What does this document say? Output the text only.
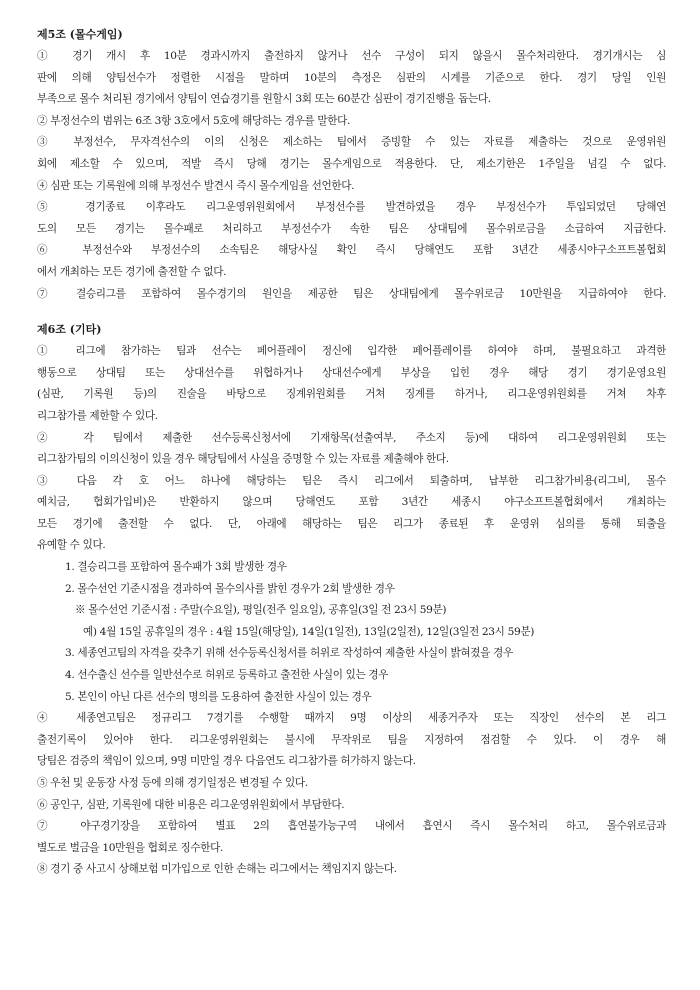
제5조 (몰수게임)
① 경기 개시 후 10분 경과시까지 출전하지 않거나 선수 구성이 되지 않을시 몰수처리한다. 경기개시는 심
판에 의해 양팀선수가 정렬한 시점을 말하며 10분의 측정은 심판의 시계를 기준으로 한다. 경기 당일 인원
부족으로 몰수 처리된 경기에서 양팀이 연습경기를 원할시 3회 또는 60분간 심판이 경기진행을 돕는다.
② 부정선수의 범위는 6조 3항 3호에서 5호에 해당하는 경우를 말한다.
③ 부정선수, 무자격선수의 이의 신청은 제소하는 팀에서 증빙할 수 있는 자료를 제출하는 것으로 운영위원
회에 제소할 수 있으며, 적발 즉시 당해 경기는 몰수게임으로 적용한다. 단, 제소기한은 1주일을 넘길 수 없다.
④ 심판 또는 기록원에 의해 부정선수 발견시 즉시 몰수게임을 선언한다.
⑤ 경기종료 이후라도 리그운영위원회에서 부정선수를 발견하였을 경우 부정선수가 투입되었던 당해연
도의 모든 경기는 몰수패로 처리하고 부정선수가 속한 팀은 상대팀에 몰수위로금을 소급하여 지급한다.
⑥ 부정선수와 부정선수의 소속팀은 해당사실 확인 즉시 당해연도 포함 3년간 세종시야구소프트볼협회
에서 개최하는 모든 경기에 출전할 수 없다.
⑦ 결승리그를 포함하여 몰수경기의 원인을 제공한 팀은 상대팀에게 몰수위로금 10만원을 지급하여야 한다.
제6조 (기타)
① 리그에 참가하는 팀과 선수는 페어플레이 정신에 입각한 페어플레이를 하여야 하며, 불필요하고 과격한
행동으로 상대팀 또는 상대선수를 위협하거나 상대선수에게 부상을 입힌 경우 해당 경기 경기운영요원
(심판, 기록원 등)의 진술을 바탕으로 징계위원회를 거쳐 징계를 하거나, 리그운영위원회를 거쳐 차후
리그참가를 제한할 수 있다.
② 각 팀에서 제출한 선수등록신청서에 기재항목(선출여부, 주소지 등)에 대하여 리그운영위원회 또는
리그참가팀의 이의신청이 있을 경우 해당팀에서 사실을 증명할 수 있는 자료를 제출해야 한다.
③ 다음 각 호 어느 하나에 해당하는 팀은 즉시 리그에서 퇴출하며, 납부한 리그참가비용(리그비, 몰수
예치금, 협회가입비)은 반환하지 않으며 당해연도 포함 3년간 세종시 야구소프트볼협회에서 개최하는
모든 경기에 출전할 수 없다. 단, 아래에 해당하는 팀은 리그가 종료된 후 운영위 심의를 통해 퇴출을
유예할 수 있다.
1. 결승리그를 포함하여 몰수패가 3회 발생한 경우
2. 몰수선언 기준시점을 경과하여 몰수의사를 밝힌 경우가 2회 발생한 경우
※ 몰수선언 기준시점 : 주말(수요일), 평일(전주 일요일), 공휴일(3일 전 23시 59분)
예) 4월 15일 공휴일의 경우 : 4월 15일(해당일), 14일(1일전), 13일(2일전), 12일(3일전 23시 59분)
3. 세종연고팀의 자격을 갖추기 위해 선수등록신청서를 허위로 작성하여 제출한 사실이 밝혀졌을 경우
4. 선수출신 선수를 일반선수로 허위로 등록하고 출전한 사실이 있는 경우
5. 본인이 아닌 다른 선수의 명의를 도용하여 출전한 사실이 있는 경우
④ 세종연고팀은 정규리그 7경기를 수행할 때까지 9명 이상의 세종거주자 또는 직장인 선수의 본 리그
출전기록이 있어야 한다. 리그운영위원회는 불시에 무작위로 팀을 지정하여 점검할 수 있다. 이 경우 해
당팀은 검증의 책임이 있으며, 9명 미만일 경우 다음연도 리그참가를 허가하지 않는다.
⑤ 우천 및 운동장 사정 등에 의해 경기일정은 변경될 수 있다.
⑥ 공인구, 심판, 기록원에 대한 비용은 리그운영위원회에서 부담한다.
⑦ 야구경기장을 포함하여 별표 2의 흡연불가능구역 내에서 흡연시 즉시 몰수처리 하고, 몰수위로금과
별도로 벌금을 10만원을 협회로 징수한다.
⑧ 경기 중 사고시 상해보험 미가입으로 인한 손해는 리그에서는 책임지지 않는다.
